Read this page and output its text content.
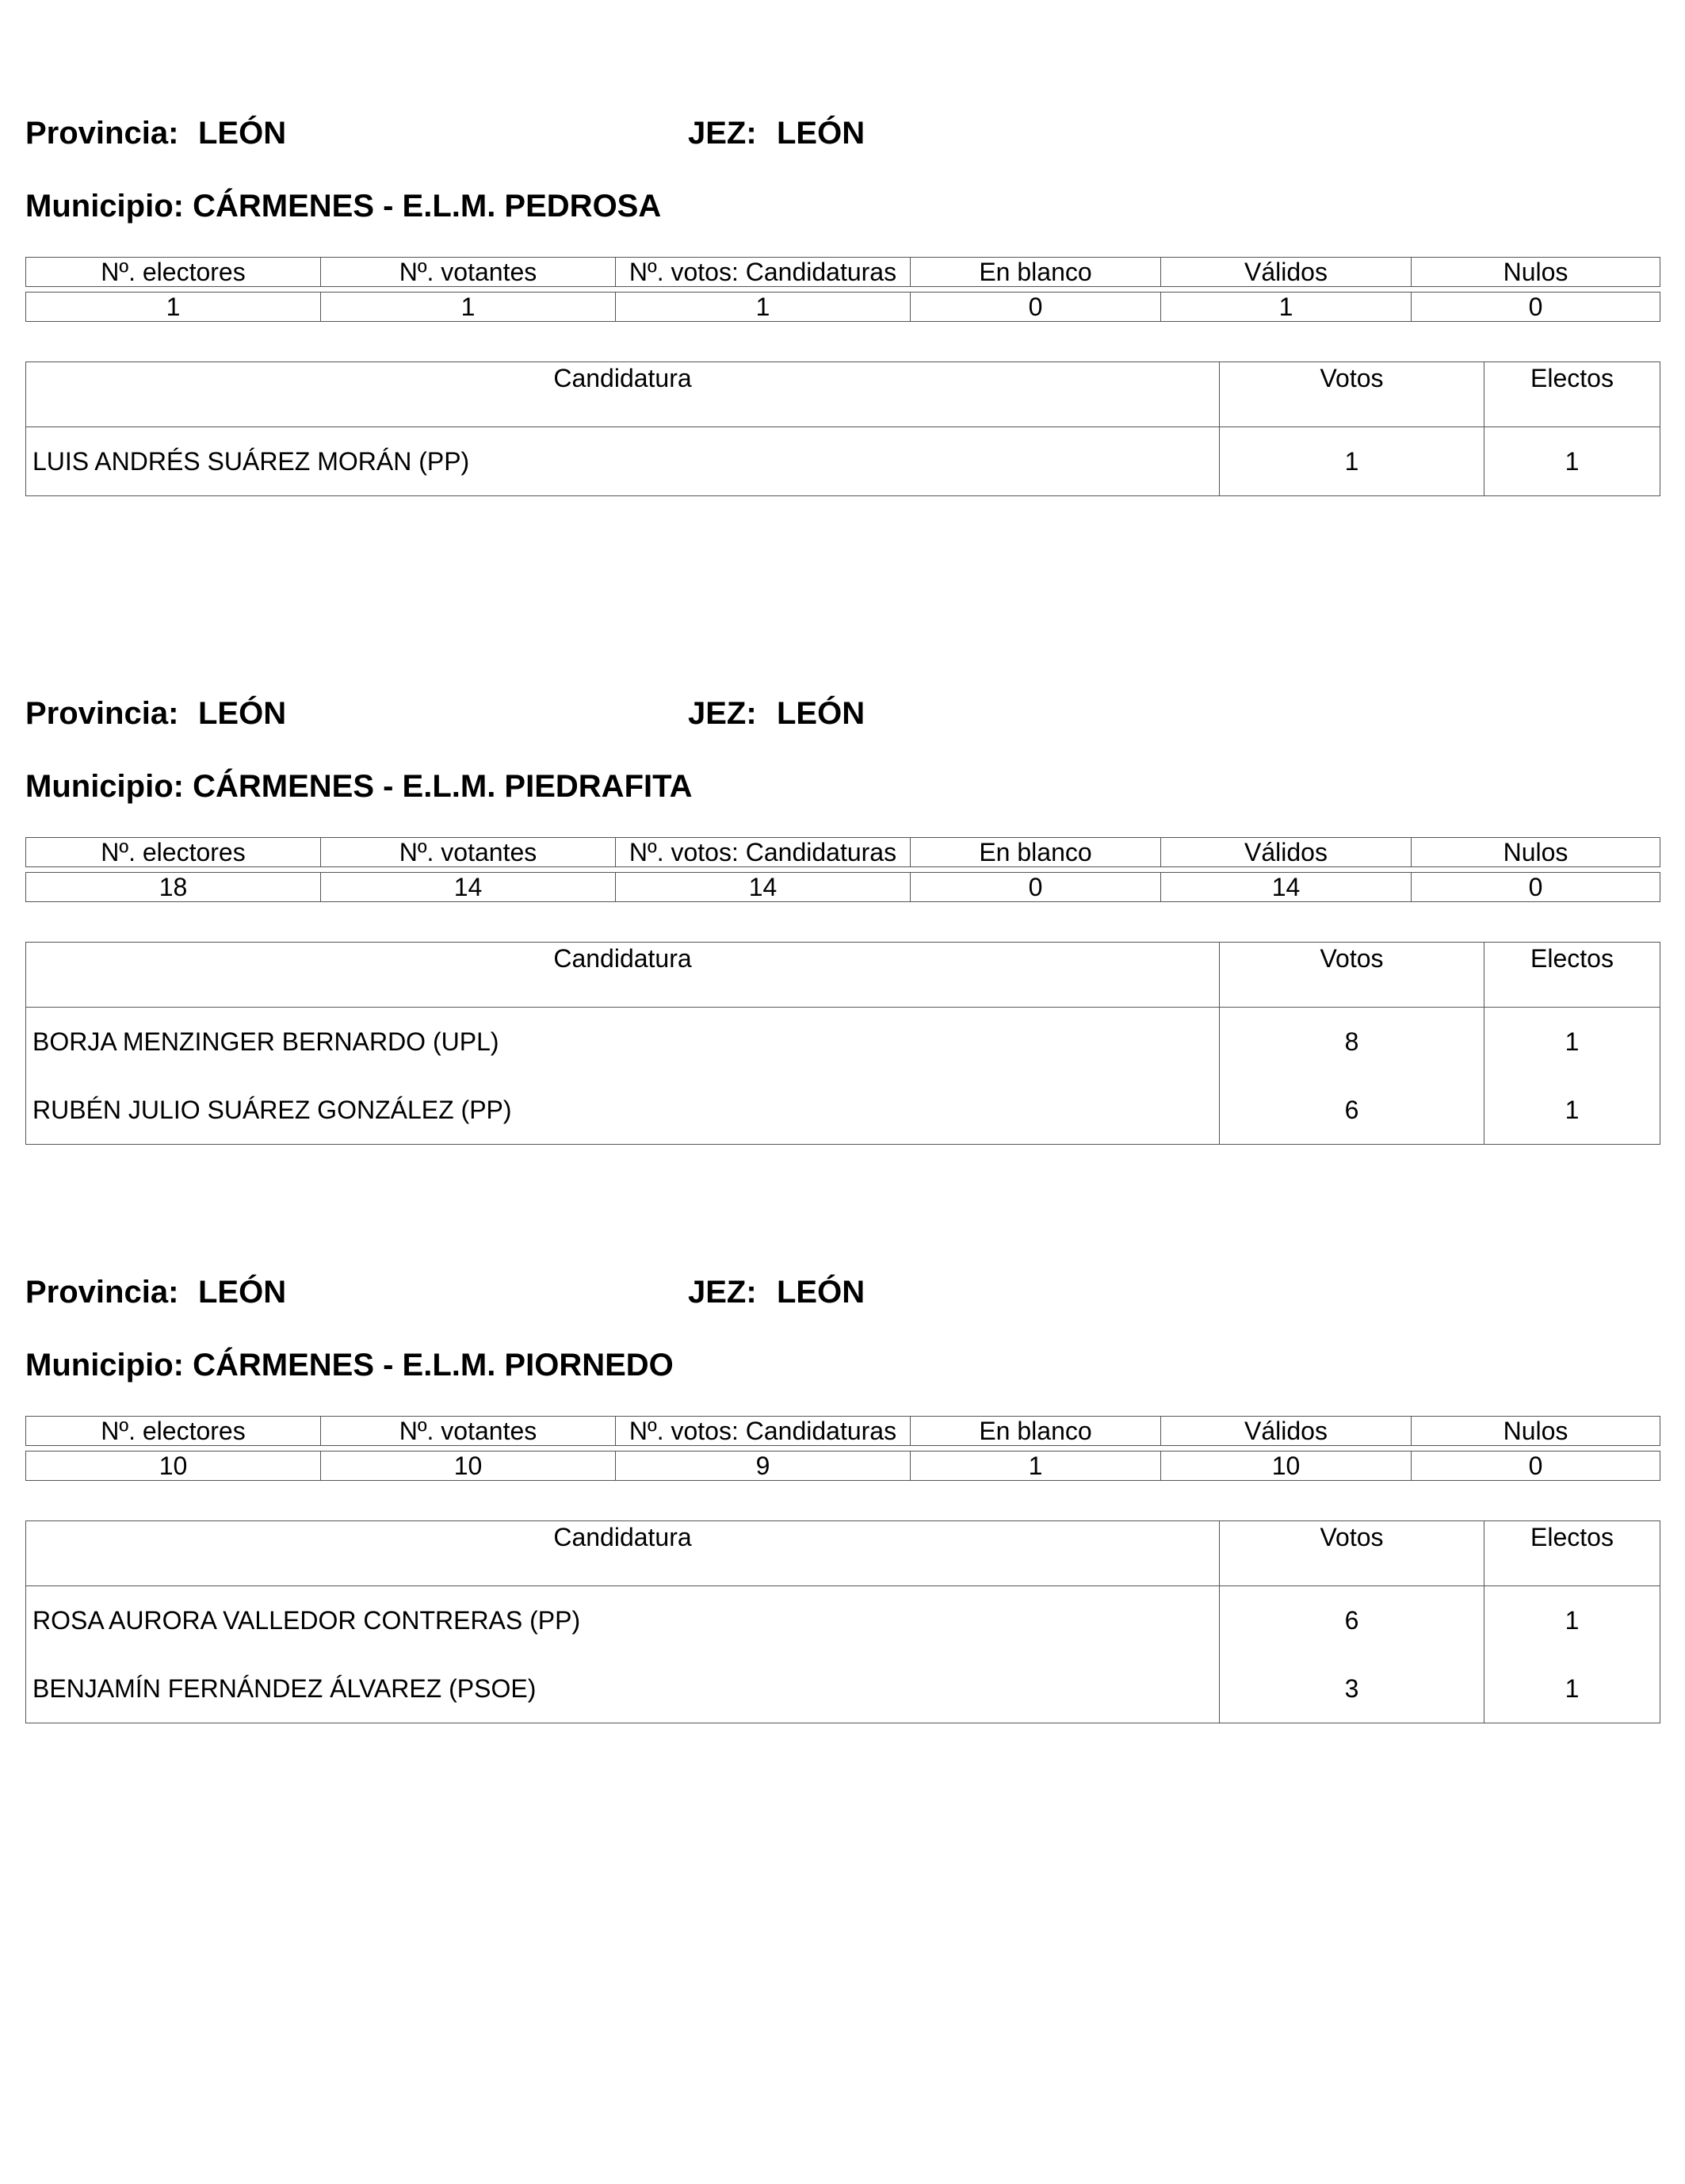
Provincia: LEÓN	JEZ: LEÓN
Municipio: CÁRMENES - E.L.M. PEDROSA
Nº. electores	Nº. votantes	Nº. votos: Candidaturas	En blanco	Válidos	Nulos

1	1	1	0	1	0
Candidatura	Votos	Electos
LUIS ANDRÉS SUÁREZ MORÁN (PP)	1	1
Provincia: LEÓN	JEZ: LEÓN
Municipio: CÁRMENES - E.L.M. PIEDRAFITA
Nº. electores	Nº. votantes	Nº. votos: Candidaturas	En blanco	Válidos	Nulos

18	14	14	0	14	0
Candidatura	Votos	Electos
BORJA MENZINGER BERNARDO (UPL)	8	1
RUBÉN JULIO SUÁREZ GONZÁLEZ (PP)	6	1
Provincia: LEÓN	JEZ: LEÓN
Municipio: CÁRMENES - E.L.M. PIORNEDO
Nº. electores	Nº. votantes	Nº. votos: Candidaturas	En blanco	Válidos	Nulos

10	10	9	1	10	0
Candidatura	Votos	Electos
ROSA AURORA VALLEDOR CONTRERAS (PP)	6	1
BENJAMÍN FERNÁNDEZ ÁLVAREZ (PSOE)	3	1
